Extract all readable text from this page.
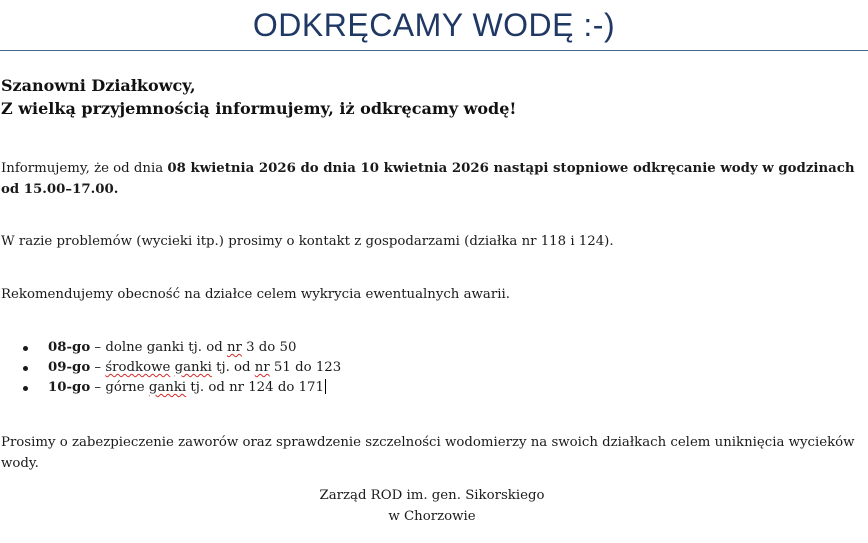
ODKRĘCAMY WODĘ :-)
Szanowni Działkowcy,
Z wielką przyjemnością informujemy, iż odkręcamy wodę!
Informujemy, że od dnia 08 kwietnia 2026 do dnia 10 kwietnia 2026 nastąpi stopniowe odkręcanie wody w godzinach od 15.00–17.00.
W razie problemów (wycieki itp.) prosimy o kontakt z gospodarzami (działka nr 118 i 124).
Rekomendujemy obecność na działce celem wykrycia ewentualnych awarii.
08-go – dolne ganki tj. od nr 3 do 50
09-go – środkowe ganki tj. od nr 51 do 123
10-go – górne ganki tj. od nr 124 do 171
Prosimy o zabezpieczenie zaworów oraz sprawdzenie szczelności wodomierzy na swoich działkach celem uniknięcia wycieków wody.
Zarząd ROD im. gen. Sikorskiego
w Chorzowie
